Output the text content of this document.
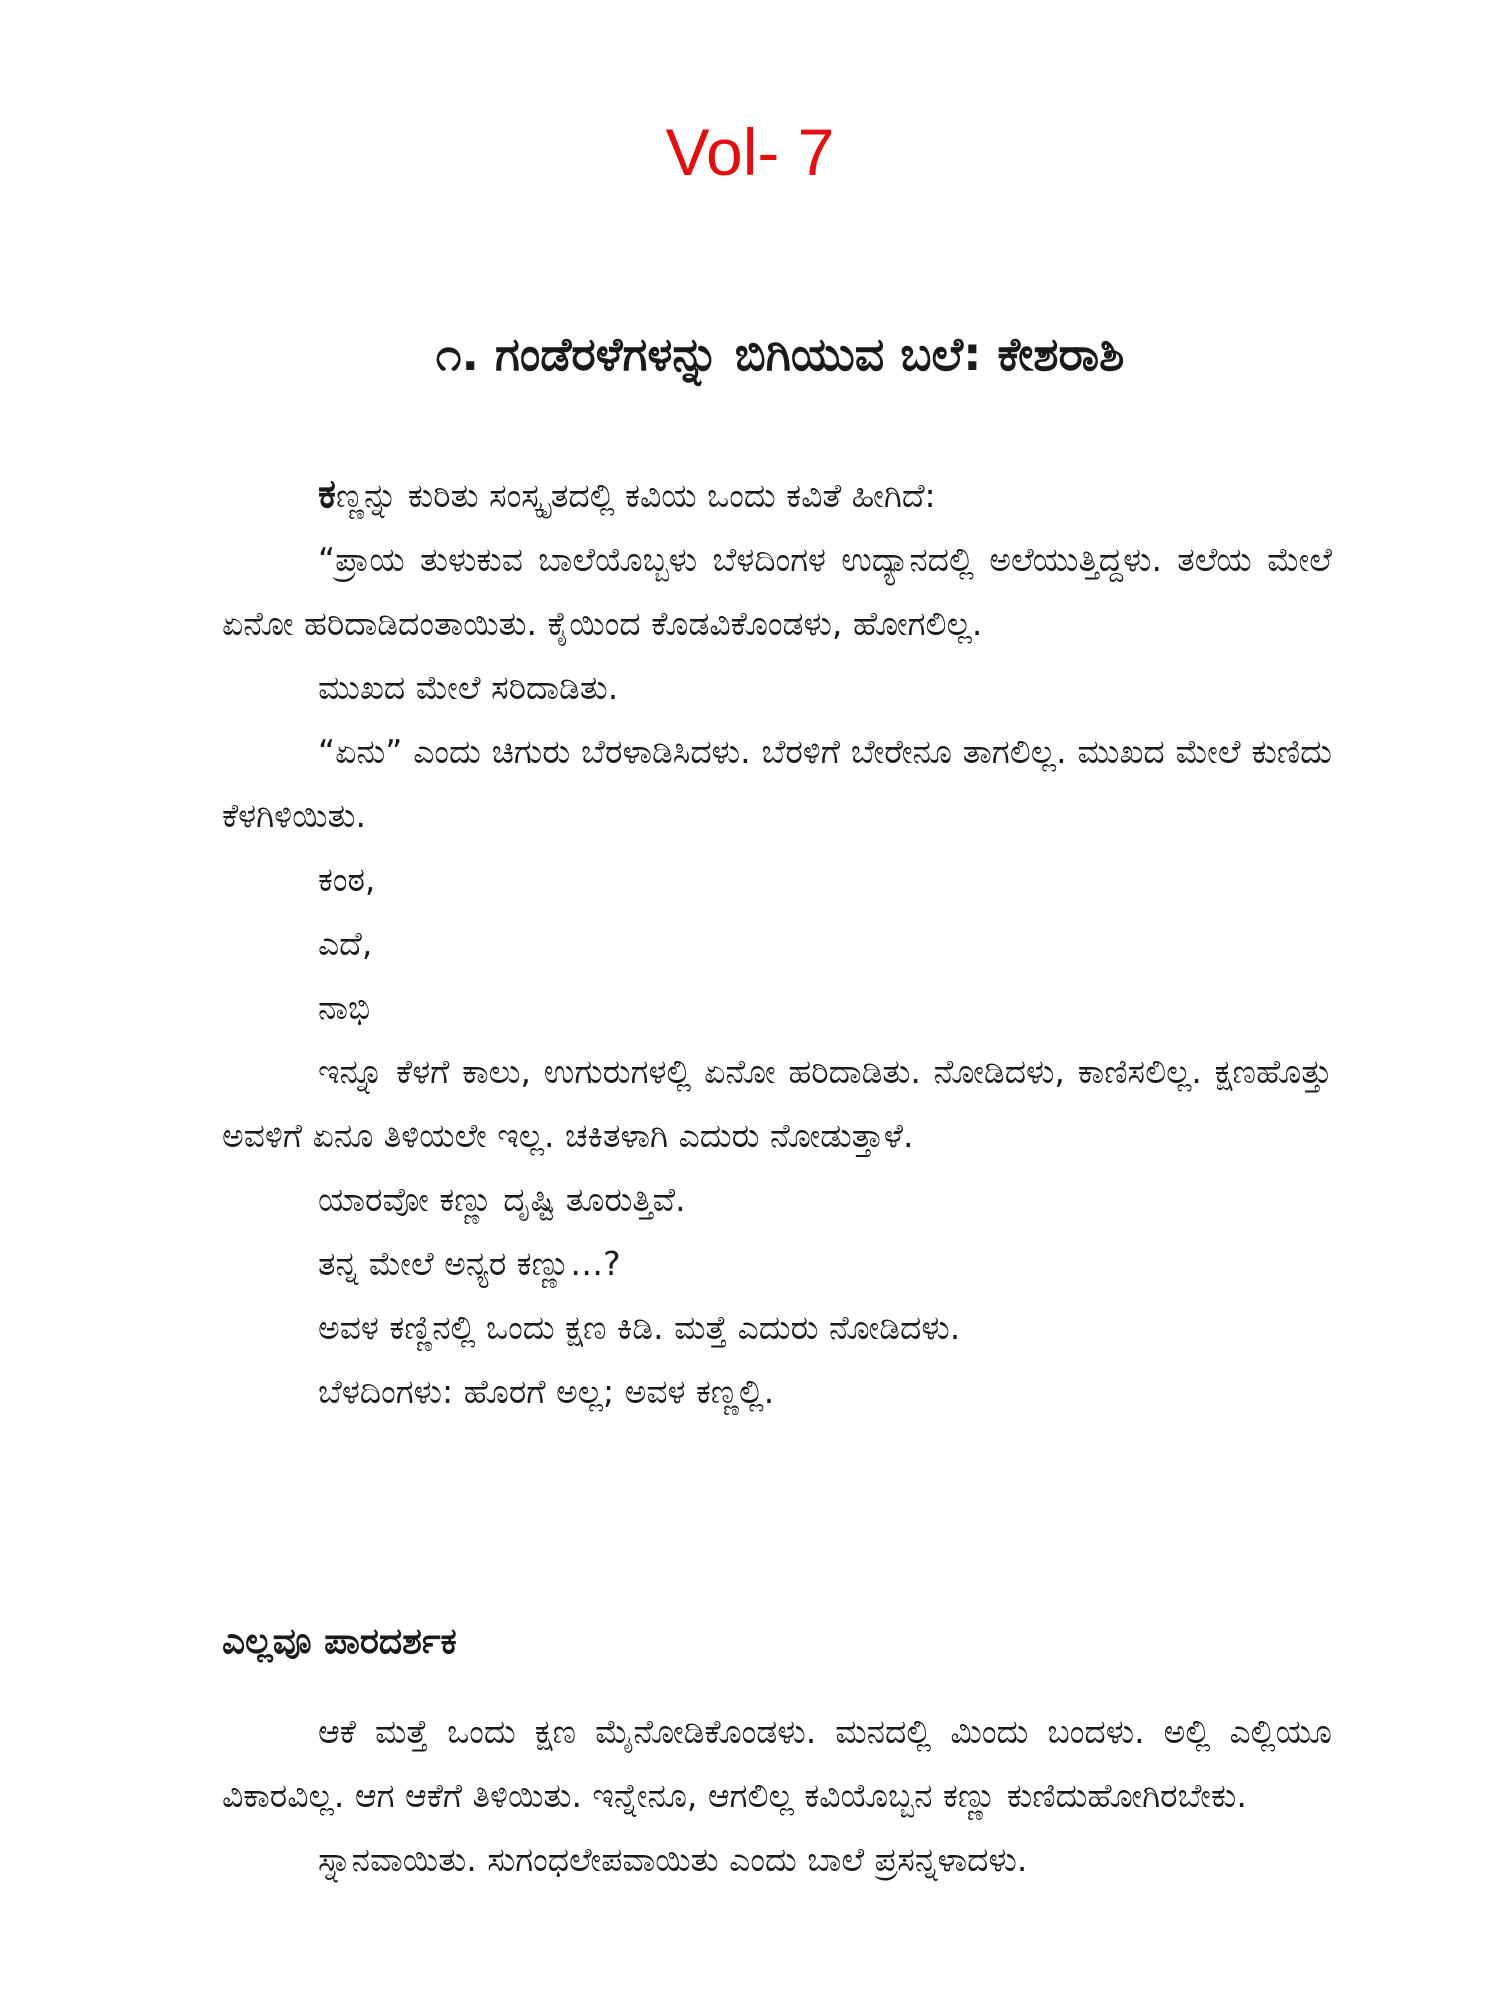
Vol- 7
೧. ಗಂಡೆರಳೆಗಳನ್ನು ಬಿಗಿಯುವ ಬಲೆ: ಕೇಶರಾಶಿ

ಕಣ್ಣನ್ನು ಕುರಿತು ಸಂಸ್ಕೃತದಲ್ಲಿ ಕವಿಯ ಒಂದು ಕವಿತೆ ಹೀಗಿದೆ:

“ಪ್ರಾಯ ತುಳುಕುವ ಬಾಲೆಯೊಬ್ಬಳು ಬೆಳದಿಂಗಳ ಉದ್ಯಾನದಲ್ಲಿ ಅಲೆಯುತ್ತಿದ್ದಳು. ತಲೆಯ ಮೇಲೆ ಏನೋ ಹರಿದಾಡಿದಂತಾಯಿತು. ಕೈಯಿಂದ ಕೊಡವಿಕೊಂಡಳು, ಹೋಗಲಿಲ್ಲ.

ಮುಖದ ಮೇಲೆ ಸರಿದಾಡಿತು.

“ಏನು” ಎಂದು ಚಿಗುರು ಬೆರಳಾಡಿಸಿದಳು. ಬೆರಳಿಗೆ ಬೇರೇನೂ ತಾಗಲಿಲ್ಲ. ಮುಖದ ಮೇಲೆ ಕುಣಿದು ಕೆಳಗಿಳಿಯಿತು.

ಕಂಠ,

ಎದೆ,

ನಾಭಿ

ಇನ್ನೂ ಕೆಳಗೆ ಕಾಲು, ಉಗುರುಗಳಲ್ಲಿ ಏನೋ ಹರಿದಾಡಿತು. ನೋಡಿದಳು, ಕಾಣಿಸಲಿಲ್ಲ. ಕ್ಷಣಹೊತ್ತು ಅವಳಿಗೆ ಏನೂ ತಿಳಿಯಲೇ ಇಲ್ಲ. ಚಕಿತಳಾಗಿ ಎದುರು ನೋಡುತ್ತಾಳೆ.

ಯಾರವೋ ಕಣ್ಣು ದೃಷ್ಟಿ ತೂರುತ್ತಿವೆ.

ತನ್ನ ಮೇಲೆ ಅನ್ಯರ ಕಣ್ಣು…?

ಅವಳ ಕಣ್ಣಿನಲ್ಲಿ ಒಂದು ಕ್ಷಣ ಕಿಡಿ. ಮತ್ತೆ ಎದುರು ನೋಡಿದಳು.

ಬೆಳದಿಂಗಳು: ಹೊರಗೆ ಅಲ್ಲ; ಅವಳ ಕಣ್ಣಲ್ಲಿ.

ಎಲ್ಲವೂ ಪಾರದರ್ಶಕ

ಆಕೆ ಮತ್ತೆ ಒಂದು ಕ್ಷಣ ಮೈನೋಡಿಕೊಂಡಳು. ಮನದಲ್ಲಿ ಮಿಂದು ಬಂದಳು. ಅಲ್ಲಿ ಎಲ್ಲಿಯೂ ವಿಕಾರವಿಲ್ಲ. ಆಗ ಆಕೆಗೆ ತಿಳಿಯಿತು. ಇನ್ನೇನೂ, ಆಗಲಿಲ್ಲ ಕವಿಯೊಬ್ಬನ ಕಣ್ಣು ಕುಣಿದುಹೋಗಿರಬೇಕು.

ಸ್ನಾನವಾಯಿತು. ಸುಗಂಧಲೇಪವಾಯಿತು ಎಂದು ಬಾಲೆ ಪ್ರಸನ್ನಳಾದಳು.
